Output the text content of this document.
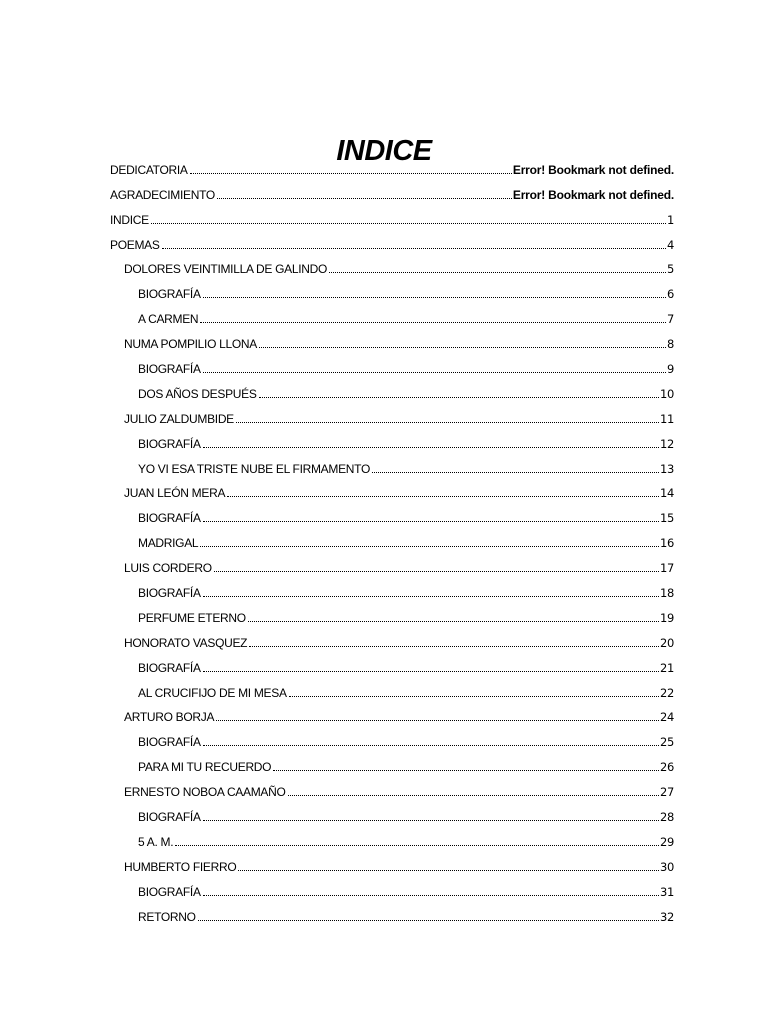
INDICE
DEDICATORIA	Error! Bookmark not defined.
AGRADECIMIENTO	Error! Bookmark not defined.
INDICE	1
POEMAS	4
DOLORES VEINTIMILLA DE GALINDO	5
BIOGRAFÍA	6
A CARMEN	7
NUMA POMPILIO LLONA	8
BIOGRAFÍA	9
DOS AÑOS DESPUÉS	10
JULIO ZALDUMBIDE	11
BIOGRAFÍA	12
YO VI ESA TRISTE NUBE EL FIRMAMENTO	13
JUAN LEÓN MERA	14
BIOGRAFÍA	15
MADRIGAL	16
LUIS CORDERO	17
BIOGRAFÍA	18
PERFUME ETERNO	19
HONORATO VASQUEZ	20
BIOGRAFÍA	21
AL CRUCIFIJO DE MI MESA	22
ARTURO BORJA	24
BIOGRAFÍA	25
PARA MI TU RECUERDO	26
ERNESTO NOBOA CAAMAÑO	27
BIOGRAFÍA	28
5 A. M.	29
HUMBERTO FIERRO	30
BIOGRAFÍA	31
RETORNO	32
